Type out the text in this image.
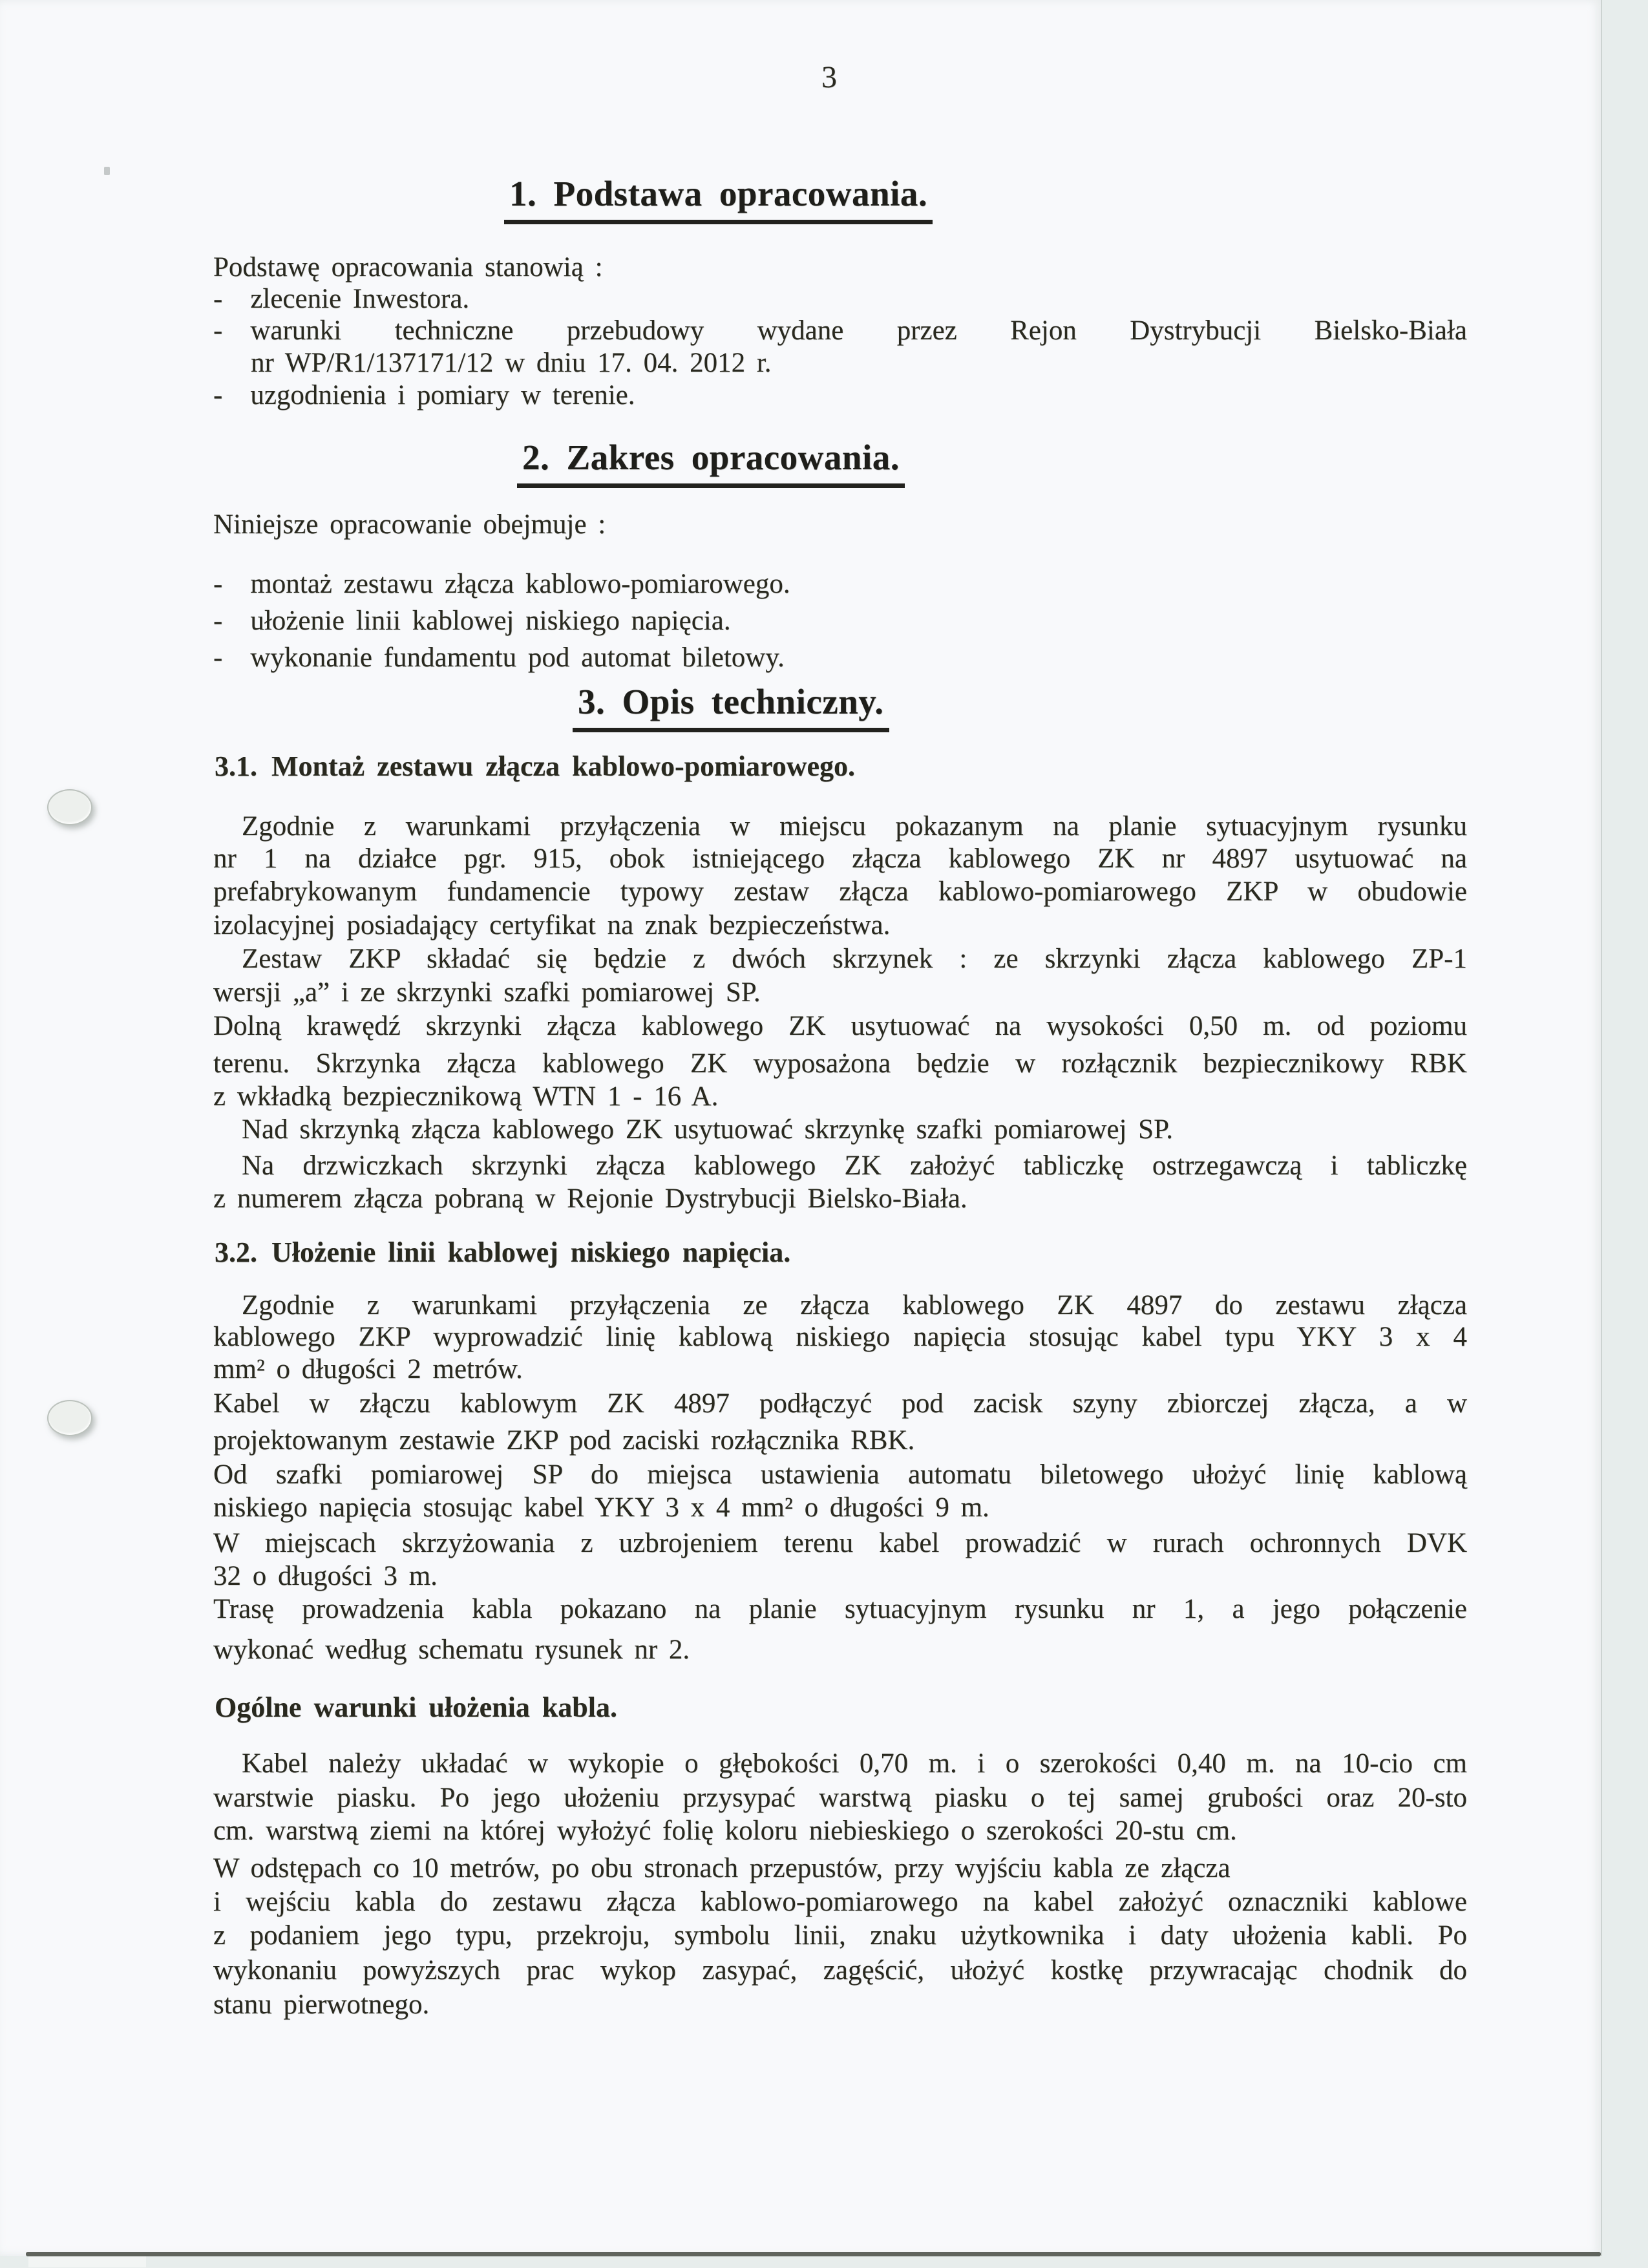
3
1. Podstawa opracowania.
Podstawę opracowania stanowią :
- zlecenie Inwestora.
- warunki techniczne przebudowy wydane przez Rejon Dystrybucji Bielsko-Biała
nr WP/R1/137171/12 w dniu 17. 04. 2012 r.
- uzgodnienia i pomiary w terenie.
2. Zakres opracowania.
Niniejsze opracowanie obejmuje :
- montaż zestawu złącza kablowo-pomiarowego.
- ułożenie linii kablowej niskiego napięcia.
- wykonanie fundamentu pod automat biletowy.
3. Opis techniczny.
3.1. Montaż zestawu złącza kablowo-pomiarowego.
Zgodnie z warunkami przyłączenia w miejscu pokazanym na planie sytuacyjnym rysunku
nr 1 na działce pgr. 915, obok istniejącego złącza kablowego ZK nr 4897 usytuować na
prefabrykowanym fundamencie typowy zestaw złącza kablowo-pomiarowego ZKP w obudowie
izolacyjnej posiadający certyfikat na znak bezpieczeństwa.
Zestaw ZKP składać się będzie z dwóch skrzynek : ze skrzynki złącza kablowego ZP-1
wersji „a” i ze skrzynki szafki pomiarowej SP.
Dolną krawędź skrzynki złącza kablowego ZK usytuować na wysokości 0,50 m. od poziomu
terenu. Skrzynka złącza kablowego ZK wyposażona będzie w rozłącznik bezpiecznikowy RBK
z wkładką bezpiecznikową WTN 1 - 16 A.
Nad skrzynką złącza kablowego ZK usytuować skrzynkę szafki pomiarowej SP.
Na drzwiczkach skrzynki złącza kablowego ZK założyć tabliczkę ostrzegawczą i tabliczkę
z numerem złącza pobraną w Rejonie Dystrybucji Bielsko-Biała.
3.2. Ułożenie linii kablowej niskiego napięcia.
Zgodnie z warunkami przyłączenia ze złącza kablowego ZK 4897 do zestawu złącza
kablowego ZKP wyprowadzić linię kablową niskiego napięcia stosując kabel typu YKY 3 x 4
mm² o długości 2 metrów.
Kabel w złączu kablowym ZK 4897 podłączyć pod zacisk szyny zbiorczej złącza, a w
projektowanym zestawie ZKP pod zaciski rozłącznika RBK.
Od szafki pomiarowej SP do miejsca ustawienia automatu biletowego ułożyć linię kablową
niskiego napięcia stosując kabel YKY 3 x 4 mm² o długości 9 m.
W miejscach skrzyżowania z uzbrojeniem terenu kabel prowadzić w rurach ochronnych DVK
32 o długości 3 m.
Trasę prowadzenia kabla pokazano na planie sytuacyjnym rysunku nr 1, a jego połączenie
wykonać według schematu rysunek nr 2.
Ogólne warunki ułożenia kabla.
Kabel należy układać w wykopie o głębokości 0,70 m. i o szerokości 0,40 m. na 10-cio cm
warstwie piasku. Po jego ułożeniu przysypać warstwą piasku o tej samej grubości oraz 20-sto
cm. warstwą ziemi na której wyłożyć folię koloru niebieskiego o szerokości 20-stu cm.
W odstępach co 10 metrów, po obu stronach przepustów, przy wyjściu kabla ze złącza
i wejściu kabla do zestawu złącza kablowo-pomiarowego na kabel założyć oznaczniki kablowe
z podaniem jego typu, przekroju, symbolu linii, znaku użytkownika i daty ułożenia kabli. Po
wykonaniu powyższych prac wykop zasypać, zagęścić, ułożyć kostkę przywracając chodnik do
stanu pierwotnego.
